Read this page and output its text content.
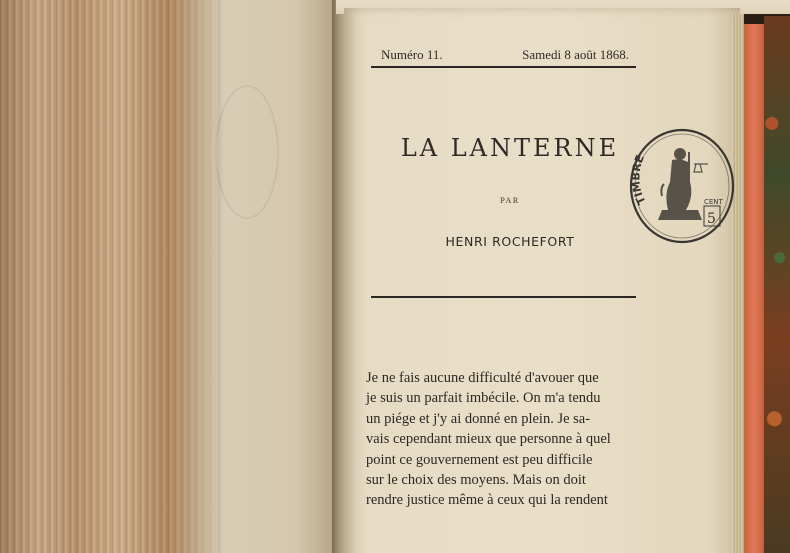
Numéro 11.	Samedi 8 août 1868.
LA LANTERNE
PAR
HENRI ROCHEFORT
Je ne fais aucune difficulté d'avouer que
je suis un parfait imbécile. On m'a tendu
un piége et j'y ai donné en plein. Je sa-
vais cependant mieux que personne à quel
point ce gouvernement est peu difficile
sur le choix des moyens. Mais on doit
rendre justice même à ceux qui la rendent
TIMBRE
CENT
5
